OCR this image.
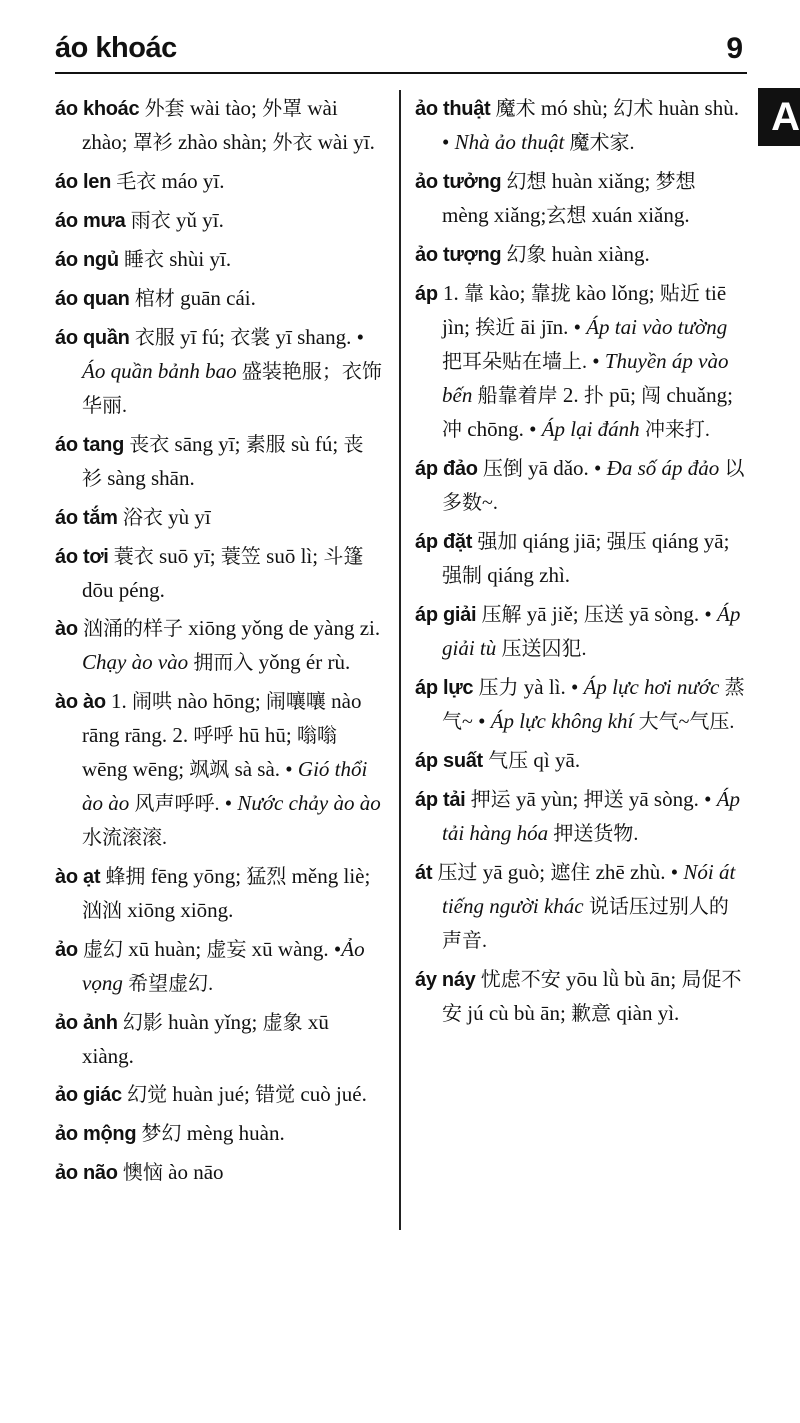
áo khoác	9
A
áo khoác 外套 wài tào; 外罩 wài zhào; 罩衫 zhào shàn; 外衣 wài yī.
áo len 毛衣 máo yī.
áo mưa 雨衣 yǔ yī.
áo ngủ 睡衣 shùi yī.
áo quan 棺材 guān cái.
áo quần 衣服 yī fú; 衣裳 yī shang. • Áo quần bảnh bao 盛装艳服；衣饰华丽.
áo tang 丧衣 sāng yī; 素服 sù fú; 丧衫 sàng shān.
áo tắm 浴衣 yù yī
áo tơi 蓑衣 suō yī; 蓑笠 suō lì; 斗篷 dōu péng.
ào 汹涌的样子 xiōng yǒng de yàng zi. Chạy ào vào 拥而入 yǒng ér rù.
ào ào 1. 闹哄 nào hōng; 闹嚷嚷 nào rāng rāng. 2. 呼呼 hū hū; 嗡嗡 wēng wēng; 飒飒 sà sà. • Gió thổi ào ào 风声呼呼. • Nước chảy ào ào 水流滚滚.
ào ạt 蜂拥 fēng yōng; 猛烈 měng liè; 汹汹 xiōng xiōng.
ảo 虚幻 xū huàn; 虚妄 xū wàng. •Ảo vọng 希望虚幻.
ảo ảnh 幻影 huàn yǐng; 虚象 xū xiàng.
ảo giác 幻觉 huàn jué; 错觉 cuò jué.
ảo mộng 梦幻 mèng huàn.
ảo não 懊恼 ào nāo
ảo thuật 魔术 mó shù; 幻术 huàn shù. • Nhà ảo thuật 魔术家.
ảo tưởng 幻想 huàn xiǎng; 梦想 mèng xiǎng;玄想 xuán xiǎng.
ảo tượng 幻象 huàn xiàng.
áp 1. 靠 kào; 靠拢 kào lǒng; 贴近 tiē jìn; 挨近 āi jīn. • Áp tai vào tường 把耳朵贴在墙上. • Thuyền áp vào bến 船靠着岸 2. 扑 pū; 闯 chuǎng; 冲 chōng. • Áp lại đánh 冲来打.
áp đảo 压倒 yā dǎo. • Đa số áp đảo 以多数~.
áp đặt 强加 qiáng jiā; 强压 qiáng yā; 强制 qiáng zhì.
áp giải 压解 yā jiě; 压送 yā sòng. • Áp giải tù 压送囚犯.
áp lực 压力 yà lì. • Áp lực hơi nước 蒸气~ • Áp lực không khí 大气~气压.
áp suất 气压 qì yā.
áp tải 押运 yā yùn; 押送 yā sòng. • Áp tải hàng hóa 押送货物.
át 压过 yā guò; 遮住 zhē zhù. • Nói át tiếng người khác 说话压过别人的声音.
áy náy 忧虑不安 yōu lǜ bù ān; 局促不安 jú cù bù ān; 歉意 qiàn yì.
